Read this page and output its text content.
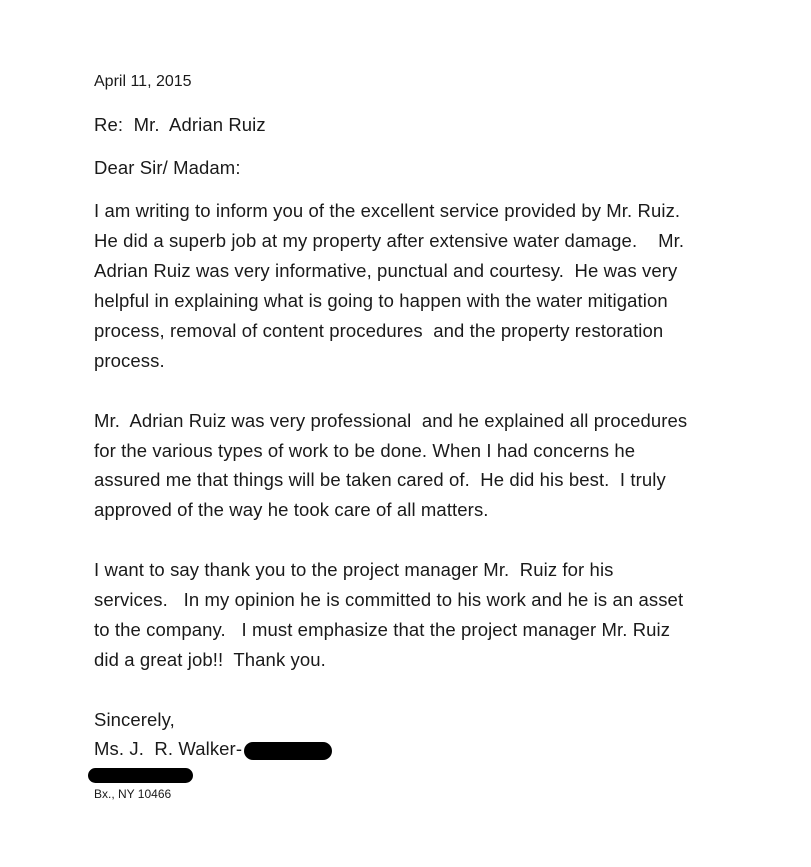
April 11, 2015
Re:  Mr.  Adrian Ruiz
Dear Sir/ Madam:
I am writing to inform you of the excellent service provided by Mr. Ruiz.
He did a superb job at my property after extensive water damage.    Mr.
Adrian Ruiz was very informative, punctual and courtesy.  He was very
helpful in explaining what is going to happen with the water mitigation
process, removal of content procedures  and the property restoration
process.
Mr.  Adrian Ruiz was very professional  and he explained all procedures
for the various types of work to be done. When I had concerns he
assured me that things will be taken cared of.  He did his best.  I truly
approved of the way he took care of all matters.
I want to say thank you to the project manager Mr.  Ruiz for his
services.   In my opinion he is committed to his work and he is an asset
to the company.   I must emphasize that the project manager Mr. Ruiz
did a great job!!  Thank you.
Sincerely,
Ms. J.  R. Walker-
Bx., NY 10466
